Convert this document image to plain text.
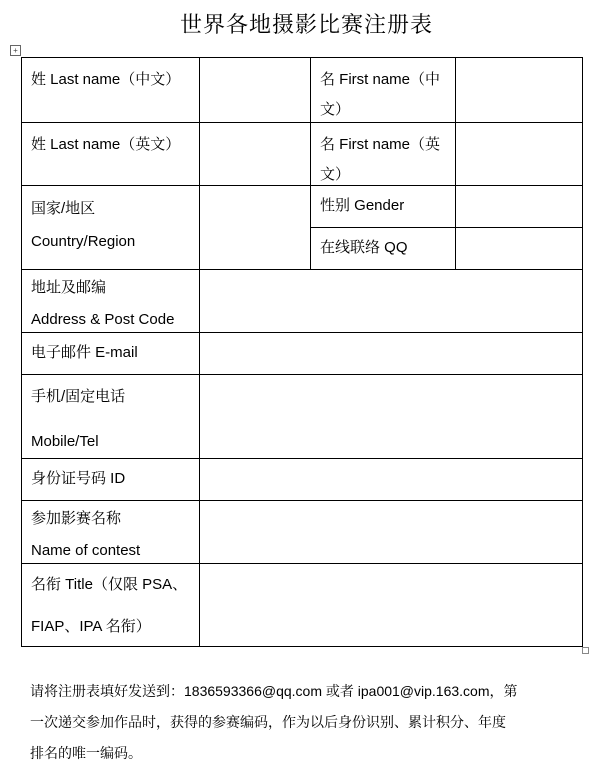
世界各地摄影比赛注册表
+
姓 Last name（中文）	名 First name（中
文）
姓 Last name（英文）	名 First name（英
文）
国家/地区
Country/Region
性别 Gender
在线联络 QQ
地址及邮编
Address & Post Code
电子邮件 E-mail
手机/固定电话
Mobile/Tel
身份证号码 ID
参加影赛名称
Name of contest
名衔 Title（仅限 PSA、
FIAP、IPA 名衔）
请将注册表填好发送到：1836593366@qq.com 或者 ipa001@vip.163.com，第
一次递交参加作品时，获得的参赛编码，作为以后身份识别、累计积分、年度
排名的唯一编码。
